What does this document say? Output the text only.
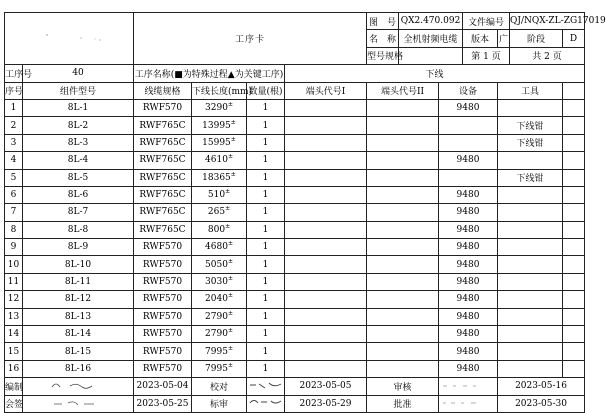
	工序卡				图　号	QX2.470.092		文件编号		QJ/NQX-ZL-ZG17019	
						名　称	全机射频电缆		版本	广	阶段	D
						型号规格			第 1 页		共 2 页	
工序号	40	工序名称(■为特殊过程▲为关键工序)			下线							
序号	组件型号	线缆规格	下线长度(mm)	数量(根)	端头代号I	端头代号II		设备		工具		
1	8L-1	RWF570	3290±	1				9480				
2	8L-2	RWF765C	13995±	1						下线钳		
3	8L-3	RWF765C	15995±	1						下线钳		
4	8L-4	RWF765C	4610±	1				9480				
5	8L-5	RWF765C	18365±	1						下线钳		
6	8L-6	RWF765C	510±	1				9480				
7	8L-7	RWF765C	265±	1				9480				
8	8L-8	RWF765C	800±	1				9480				
9	8L-9	RWF570	4680±	1				9480				
10	8L-10	RWF570	5050±	1				9480				
11	8L-11	RWF570	3030±	1				9480				
12	8L-12	RWF570	2040±	1				9480				
13	8L-13	RWF570	2790±	1				9480				
14	8L-14	RWF570	2790±	1				9480				
15	8L-15	RWF570	7995±	1				9480				
16	8L-16	RWF570	7995±	1				9480				
编制		2023-05-04	校对		2023-05-05	审核				2023-05-16		
会签		2023-05-25	标审		2023-05-29	批准				2023-05-30		
